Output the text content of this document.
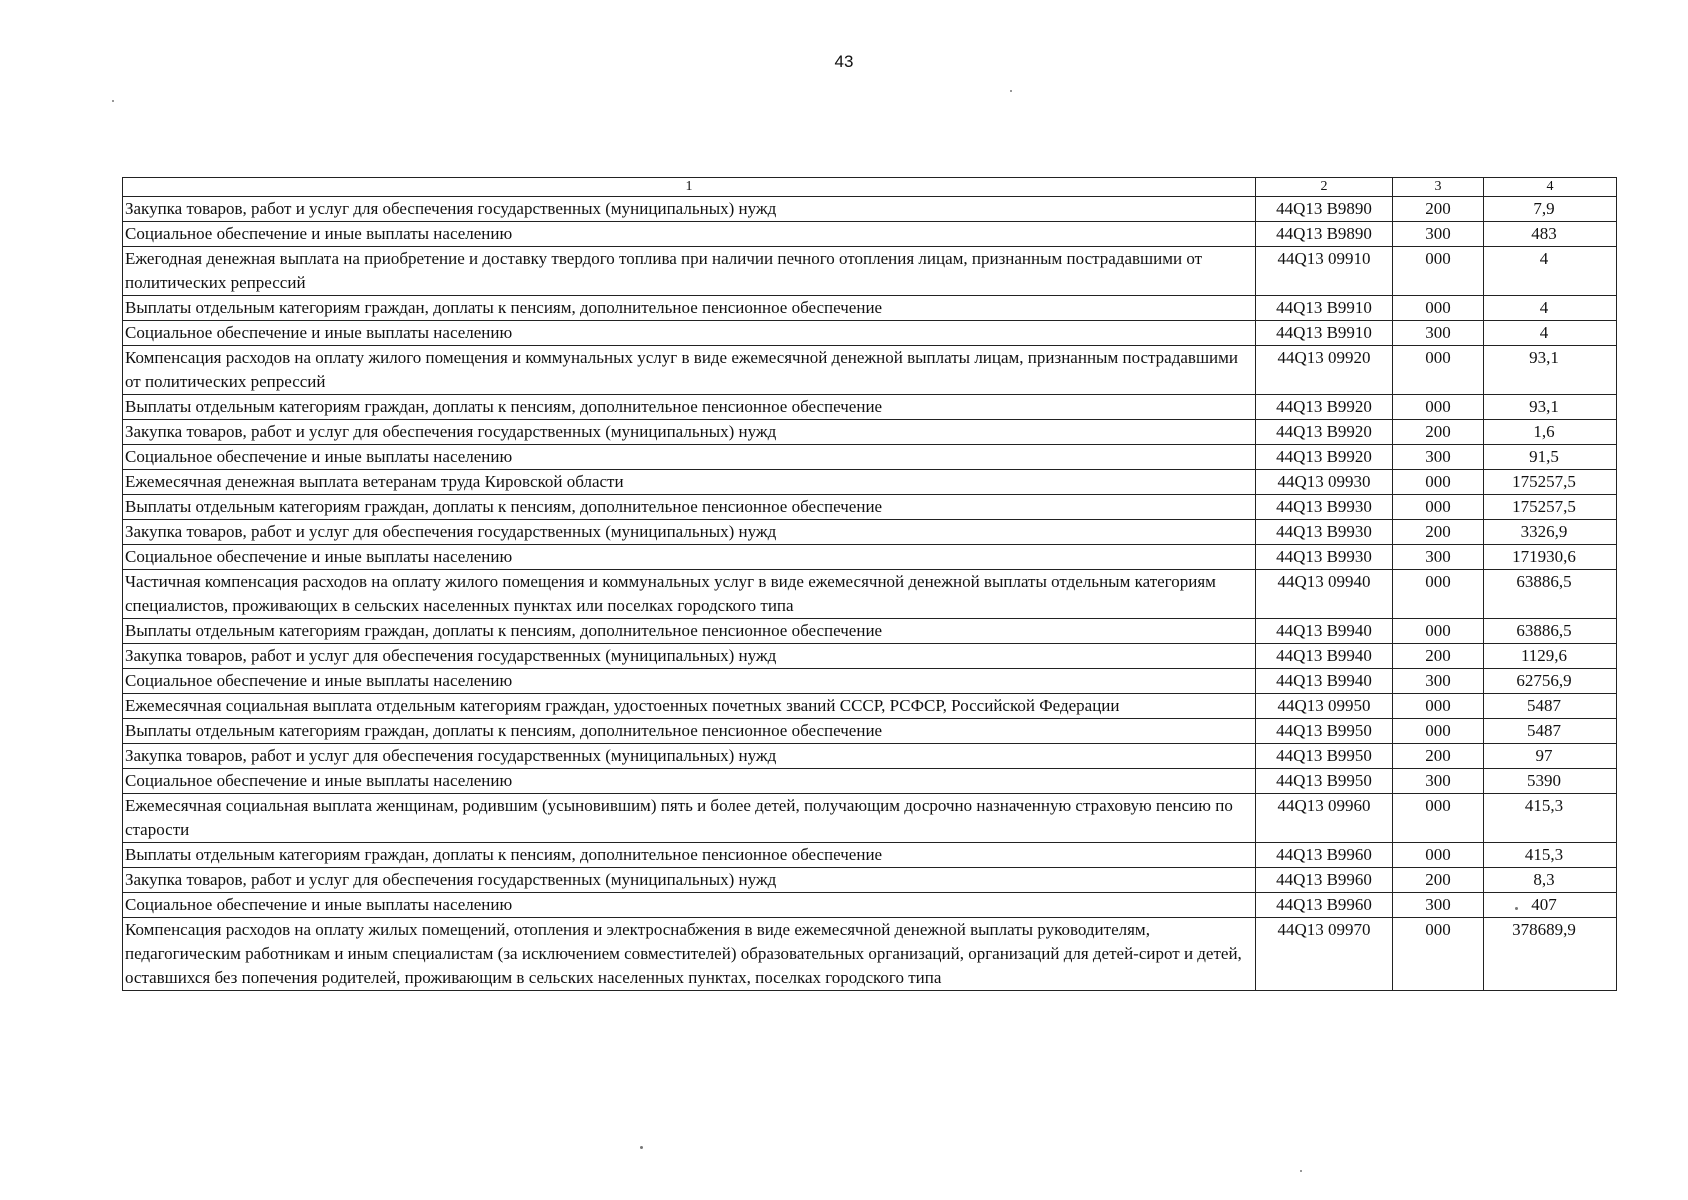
43
1	2	3	4
Закупка товаров, работ и услуг для обеспечения государственных (муниципальных) нужд	44Q13 B9890	200	7,9
Социальное обеспечение и иные выплаты населению	44Q13 B9890	300	483
Ежегодная денежная выплата на приобретение и доставку твердого топлива при наличии печного отопления лицам, признанным пострадавшими от политических репрессий	44Q13 09910	000	4
Выплаты отдельным категориям граждан, доплаты к пенсиям, дополнительное пенсионное обеспечение	44Q13 B9910	000	4
Социальное обеспечение и иные выплаты населению	44Q13 B9910	300	4
Компенсация расходов на оплату жилого помещения и коммунальных услуг в виде ежемесячной денежной выплаты лицам, признанным пострадавшими от политических репрессий	44Q13 09920	000	93,1
Выплаты отдельным категориям граждан, доплаты к пенсиям, дополнительное пенсионное обеспечение	44Q13 B9920	000	93,1
Закупка товаров, работ и услуг для обеспечения государственных (муниципальных) нужд	44Q13 B9920	200	1,6
Социальное обеспечение и иные выплаты населению	44Q13 B9920	300	91,5
Ежемесячная денежная выплата ветеранам труда Кировской области	44Q13 09930	000	175257,5
Выплаты отдельным категориям граждан, доплаты к пенсиям, дополнительное пенсионное обеспечение	44Q13 B9930	000	175257,5
Закупка товаров, работ и услуг для обеспечения государственных (муниципальных) нужд	44Q13 B9930	200	3326,9
Социальное обеспечение и иные выплаты населению	44Q13 B9930	300	171930,6
Частичная компенсация расходов на оплату жилого помещения и коммунальных услуг в виде ежемесячной денежной выплаты отдельным категориям специалистов, проживающих в сельских населенных пунктах или поселках городского типа	44Q13 09940	000	63886,5
Выплаты отдельным категориям граждан, доплаты к пенсиям, дополнительное пенсионное обеспечение	44Q13 B9940	000	63886,5
Закупка товаров, работ и услуг для обеспечения государственных (муниципальных) нужд	44Q13 B9940	200	1129,6
Социальное обеспечение и иные выплаты населению	44Q13 B9940	300	62756,9
Ежемесячная социальная выплата отдельным категориям граждан, удостоенных почетных званий СССР, РСФСР, Российской Федерации	44Q13 09950	000	5487
Выплаты отдельным категориям граждан, доплаты к пенсиям, дополнительное пенсионное обеспечение	44Q13 B9950	000	5487
Закупка товаров, работ и услуг для обеспечения государственных (муниципальных) нужд	44Q13 B9950	200	97
Социальное обеспечение и иные выплаты населению	44Q13 B9950	300	5390
Ежемесячная социальная выплата женщинам, родившим (усыновившим) пять и более детей, получающим досрочно назначенную страховую пенсию по старости	44Q13 09960	000	415,3
Выплаты отдельным категориям граждан, доплаты к пенсиям, дополнительное пенсионное обеспечение	44Q13 B9960	000	415,3
Закупка товаров, работ и услуг для обеспечения государственных (муниципальных) нужд	44Q13 B9960	200	8,3
Социальное обеспечение и иные выплаты населению	44Q13 B9960	300	407
Компенсация расходов на оплату жилых помещений, отопления и электроснабжения в виде ежемесячной денежной выплаты руководителям, педагогическим работникам и иным специалистам (за исключением совместителей) образовательных организаций, организаций для детей-сирот и детей, оставшихся без попечения родителей, проживающим в сельских населенных пунктах, поселках городского типа	44Q13 09970	000	378689,9
